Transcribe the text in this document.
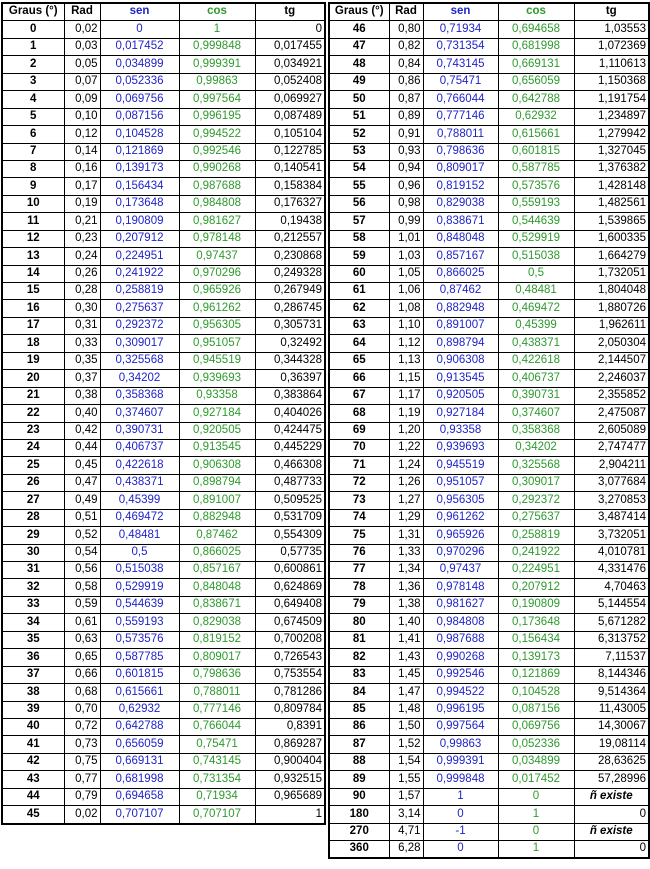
Graus (°)	Rad	sen	cos	tg
0	0,02	0	1	0
1	0,03	0,017452	0,999848	0,017455
2	0,05	0,034899	0,999391	0,034921
3	0,07	0,052336	0,99863	0,052408
4	0,09	0,069756	0,997564	0,069927
5	0,10	0,087156	0,996195	0,087489
6	0,12	0,104528	0,994522	0,105104
7	0,14	0,121869	0,992546	0,122785
8	0,16	0,139173	0,990268	0,140541
9	0,17	0,156434	0,987688	0,158384
10	0,19	0,173648	0,984808	0,176327
11	0,21	0,190809	0,981627	0,19438
12	0,23	0,207912	0,978148	0,212557
13	0,24	0,224951	0,97437	0,230868
14	0,26	0,241922	0,970296	0,249328
15	0,28	0,258819	0,965926	0,267949
16	0,30	0,275637	0,961262	0,286745
17	0,31	0,292372	0,956305	0,305731
18	0,33	0,309017	0,951057	0,32492
19	0,35	0,325568	0,945519	0,344328
20	0,37	0,34202	0,939693	0,36397
21	0,38	0,358368	0,93358	0,383864
22	0,40	0,374607	0,927184	0,404026
23	0,42	0,390731	0,920505	0,424475
24	0,44	0,406737	0,913545	0,445229
25	0,45	0,422618	0,906308	0,466308
26	0,47	0,438371	0,898794	0,487733
27	0,49	0,45399	0,891007	0,509525
28	0,51	0,469472	0,882948	0,531709
29	0,52	0,48481	0,87462	0,554309
30	0,54	0,5	0,866025	0,57735
31	0,56	0,515038	0,857167	0,600861
32	0,58	0,529919	0,848048	0,624869
33	0,59	0,544639	0,838671	0,649408
34	0,61	0,559193	0,829038	0,674509
35	0,63	0,573576	0,819152	0,700208
36	0,65	0,587785	0,809017	0,726543
37	0,66	0,601815	0,798636	0,753554
38	0,68	0,615661	0,788011	0,781286
39	0,70	0,62932	0,777146	0,809784
40	0,72	0,642788	0,766044	0,8391
41	0,73	0,656059	0,75471	0,869287
42	0,75	0,669131	0,743145	0,900404
43	0,77	0,681998	0,731354	0,932515
44	0,79	0,694658	0,71934	0,965689
45	0,02	0,707107	0,707107	1
Graus (°)	Rad	sen	cos	tg
46	0,80	0,71934	0,694658	1,03553
47	0,82	0,731354	0,681998	1,072369
48	0,84	0,743145	0,669131	1,110613
49	0,86	0,75471	0,656059	1,150368
50	0,87	0,766044	0,642788	1,191754
51	0,89	0,777146	0,62932	1,234897
52	0,91	0,788011	0,615661	1,279942
53	0,93	0,798636	0,601815	1,327045
54	0,94	0,809017	0,587785	1,376382
55	0,96	0,819152	0,573576	1,428148
56	0,98	0,829038	0,559193	1,482561
57	0,99	0,838671	0,544639	1,539865
58	1,01	0,848048	0,529919	1,600335
59	1,03	0,857167	0,515038	1,664279
60	1,05	0,866025	0,5	1,732051
61	1,06	0,87462	0,48481	1,804048
62	1,08	0,882948	0,469472	1,880726
63	1,10	0,891007	0,45399	1,962611
64	1,12	0,898794	0,438371	2,050304
65	1,13	0,906308	0,422618	2,144507
66	1,15	0,913545	0,406737	2,246037
67	1,17	0,920505	0,390731	2,355852
68	1,19	0,927184	0,374607	2,475087
69	1,20	0,93358	0,358368	2,605089
70	1,22	0,939693	0,34202	2,747477
71	1,24	0,945519	0,325568	2,904211
72	1,26	0,951057	0,309017	3,077684
73	1,27	0,956305	0,292372	3,270853
74	1,29	0,961262	0,275637	3,487414
75	1,31	0,965926	0,258819	3,732051
76	1,33	0,970296	0,241922	4,010781
77	1,34	0,97437	0,224951	4,331476
78	1,36	0,978148	0,207912	4,70463
79	1,38	0,981627	0,190809	5,144554
80	1,40	0,984808	0,173648	5,671282
81	1,41	0,987688	0,156434	6,313752
82	1,43	0,990268	0,139173	7,11537
83	1,45	0,992546	0,121869	8,144346
84	1,47	0,994522	0,104528	9,514364
85	1,48	0,996195	0,087156	11,43005
86	1,50	0,997564	0,069756	14,30067
87	1,52	0,99863	0,052336	19,08114
88	1,54	0,999391	0,034899	28,63625
89	1,55	0,999848	0,017452	57,28996
90	1,57	1	0	ñ existe
180	3,14	0	1	0
270	4,71	-1	0	ñ existe
360	6,28	0	1	0
